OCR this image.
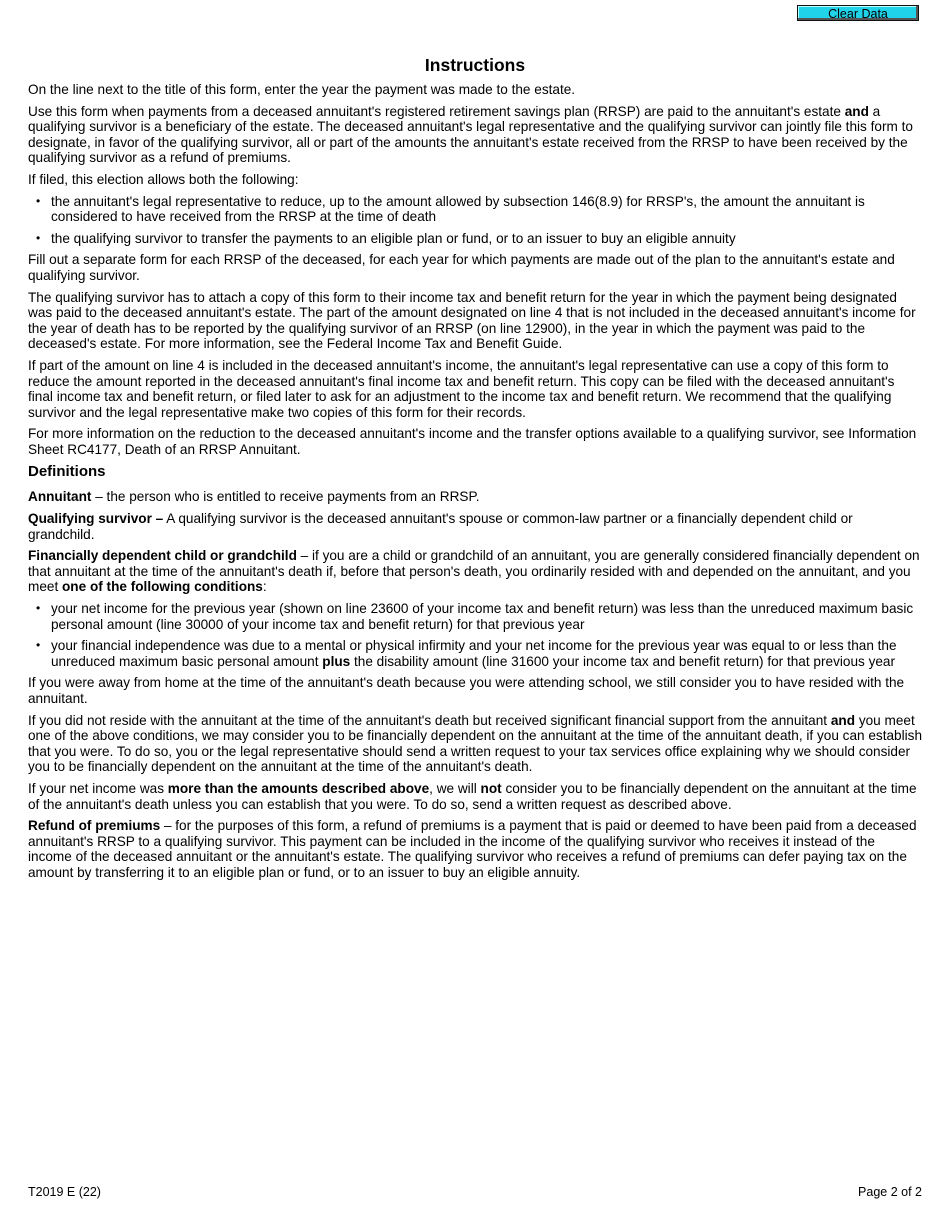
Clear Data
Instructions

On the line next to the title of this form, enter the year the payment was made to the estate.

Use this form when payments from a deceased annuitant's registered retirement savings plan (RRSP) are paid to the annuitant's estate and a qualifying survivor is a beneficiary of the estate. The deceased annuitant's legal representative and the qualifying survivor can jointly file this form to designate, in favor of the qualifying survivor, all or part of the amounts the annuitant's estate received from the RRSP to have been received by the qualifying survivor as a refund of premiums.

If filed, this election allows both the following:

• the annuitant's legal representative to reduce, up to the amount allowed by subsection 146(8.9) for RRSP's, the amount the annuitant is considered to have received from the RRSP at the time of death
• the qualifying survivor to transfer the payments to an eligible plan or fund, or to an issuer to buy an eligible annuity

Fill out a separate form for each RRSP of the deceased, for each year for which payments are made out of the plan to the annuitant's estate and qualifying survivor.

The qualifying survivor has to attach a copy of this form to their income tax and benefit return for the year in which the payment being designated was paid to the deceased annuitant's estate. The part of the amount designated on line 4 that is not included in the deceased annuitant's income for the year of death has to be reported by the qualifying survivor of an RRSP (on line 12900), in the year in which the payment was paid to the deceased's estate. For more information, see the Federal Income Tax and Benefit Guide.

If part of the amount on line 4 is included in the deceased annuitant's income, the annuitant's legal representative can use a copy of this form to reduce the amount reported in the deceased annuitant's final income tax and benefit return. This copy can be filed with the deceased annuitant's final income tax and benefit return, or filed later to ask for an adjustment to the income tax and benefit return. We recommend that the qualifying survivor and the legal representative make two copies of this form for their records.

For more information on the reduction to the deceased annuitant's income and the transfer options available to a qualifying survivor, see Information Sheet RC4177, Death of an RRSP Annuitant.

Definitions

Annuitant – the person who is entitled to receive payments from an RRSP.

Qualifying survivor – A qualifying survivor is the deceased annuitant's spouse or common-law partner or a financially dependent child or grandchild.

Financially dependent child or grandchild – if you are a child or grandchild of an annuitant, you are generally considered financially dependent on that annuitant at the time of the annuitant's death if, before that person's death, you ordinarily resided with and depended on the annuitant, and you meet one of the following conditions:

• your net income for the previous year (shown on line 23600 of your income tax and benefit return) was less than the unreduced maximum basic personal amount (line 30000 of your income tax and benefit return) for that previous year
• your financial independence was due to a mental or physical infirmity and your net income for the previous year was equal to or less than the unreduced maximum basic personal amount plus the disability amount (line 31600 your income tax and benefit return) for that previous year

If you were away from home at the time of the annuitant's death because you were attending school, we still consider you to have resided with the annuitant.

If you did not reside with the annuitant at the time of the annuitant's death but received significant financial support from the annuitant and you meet one of the above conditions, we may consider you to be financially dependent on the annuitant at the time of the annuitant death, if you can establish that you were. To do so, you or the legal representative should send a written request to your tax services office explaining why we should consider you to be financially dependent on the annuitant at the time of the annuitant's death.

If your net income was more than the amounts described above, we will not consider you to be financially dependent on the annuitant at the time of the annuitant's death unless you can establish that you were. To do so, send a written request as described above.

Refund of premiums – for the purposes of this form, a refund of premiums is a payment that is paid or deemed to have been paid from a deceased annuitant's RRSP to a qualifying survivor. This payment can be included in the income of the qualifying survivor who receives it instead of the income of the deceased annuitant or the annuitant's estate. The qualifying survivor who receives a refund of premiums can defer paying tax on the amount by transferring it to an eligible plan or fund, or to an issuer to buy an eligible annuity.

T2019 E (22)	Page 2 of 2
